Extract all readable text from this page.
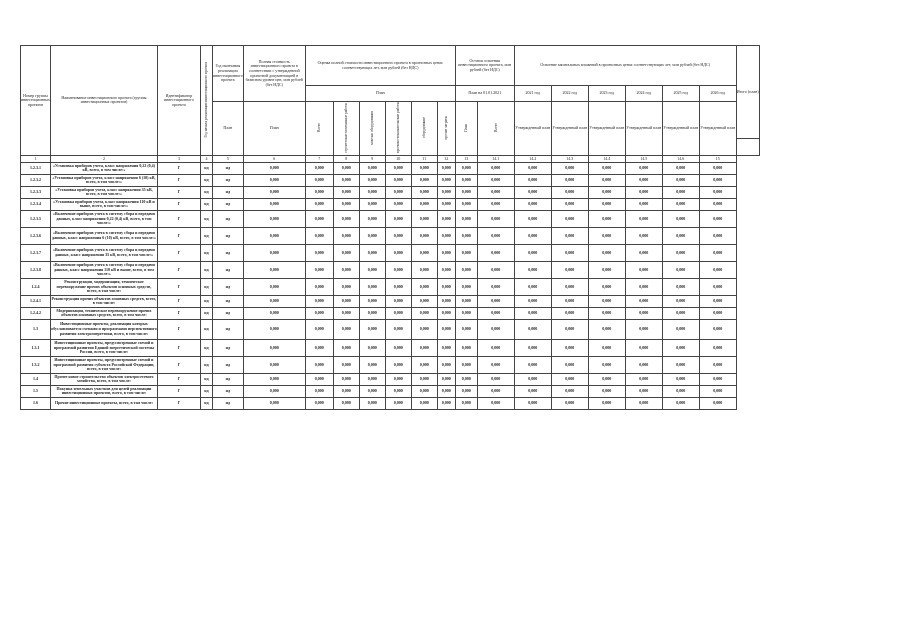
Номер группы инвестиционных проектов	Наименование инвестиционного проекта (группы инвестиционных проектов)	Идентификатор инвестиционного проекта	Год начала реализации инвестиционного проекта	Год окончания реализации инвестиционного проекта	Полная стоимость инвестиционного проекта в соответствии с утвержденной проектной документацией в базисном уровне цен, млн рублей (без НДС)	Оценка полной стоимости инвестиционного проекта в прогнозных ценах соответствующих лет, млн рублей (без НДС)						Остаток освоения инвестиционного проекта, млн рублей (без НДС)		Освоение капитальных вложений в прогнозных ценах соответствующих лет, млн рублей (без НДС)						Итого (план)
						План						План на 01.01.2021		2021 год	2022 год	2023 год	2024 год	2025 год	2026 год	
				План	План	Всего	строительно-монтажные работы	монтаж оборудования	проектно-изыскательские работы	оборудование	прочие затраты	План	Всего	Утвержденный план	Утвержденный план	Утвержденный план	Утвержденный план	Утвержденный план	Утвержденный план	

1	2	3	4	5	6	7	8	9	10	11	12	13	14.1	14.2	14.3	14.4	14.5	14.6	15	
1.2.3.1	«Установка приборов учета, класс напряжения 0,22 (0,4) кВ, всего, в том числе:»	Г	нд	нд	0,000	0,000	0,000	0,000	0,000	0,000	0,000	0,000	0,000	0,000	0,000	0,000	0,000	0,000	0,000	
1.2.3.2	«Установка приборов учета, класс напряжения 6 (10) кВ, всего, в том числе:»	Г	нд	нд	0,000	0,000	0,000	0,000	0,000	0,000	0,000	0,000	0,000	0,000	0,000	0,000	0,000	0,000	0,000	
1.2.3.3	«Установка приборов учета, класс напряжения 35 кВ, всего, в том числе:»	Г	нд	нд	0,000	0,000	0,000	0,000	0,000	0,000	0,000	0,000	0,000	0,000	0,000	0,000	0,000	0,000	0,000	
1.2.3.4	«Установка приборов учета, класс напряжения 110 кВ и выше, всего, в том числе:»	Г	нд	нд	0,000	0,000	0,000	0,000	0,000	0,000	0,000	0,000	0,000	0,000	0,000	0,000	0,000	0,000	0,000	
1.2.3.5	«Включение приборов учета в систему сбора и передачи данных, класс напряжения 0,22 (0,4) кВ, всего, в том числе:»	Г	нд	нд	0,000	0,000	0,000	0,000	0,000	0,000	0,000	0,000	0,000	0,000	0,000	0,000	0,000	0,000	0,000	
1.2.3.6	«Включение приборов учета в систему сбора и передачи данных, класс напряжения 6 (10) кВ, всего, в том числе:»	Г	нд	нд	0,000	0,000	0,000	0,000	0,000	0,000	0,000	0,000	0,000	0,000	0,000	0,000	0,000	0,000	0,000	
1.2.3.7	«Включение приборов учета в систему сбора и передачи данных, класс напряжения 35 кВ, всего, в том числе:»	Г	нд	нд	0,000	0,000	0,000	0,000	0,000	0,000	0,000	0,000	0,000	0,000	0,000	0,000	0,000	0,000	0,000	
1.2.3.8	«Включение приборов учета в систему сбора и передачи данных, класс напряжения 110 кВ и выше, всего, в том числе:»	Г	нд	нд	0,000	0,000	0,000	0,000	0,000	0,000	0,000	0,000	0,000	0,000	0,000	0,000	0,000	0,000	0,000	
1.2.4	Реконструкция, модернизация, техническое перевооружение прочих объектов основных средств, всего, в том числе:	Г	нд	нд	0,000	0,000	0,000	0,000	0,000	0,000	0,000	0,000	0,000	0,000	0,000	0,000	0,000	0,000	0,000	
1.2.4.1	Реконструкция прочих объектов основных средств, всего, в том числе:	Г	нд	нд	0,000	0,000	0,000	0,000	0,000	0,000	0,000	0,000	0,000	0,000	0,000	0,000	0,000	0,000	0,000	
1.2.4.2	Модернизация, техническое перевооружение прочих объектов основных средств, всего, в том числе:	Г	нд	нд	0,000	0,000	0,000	0,000	0,000	0,000	0,000	0,000	0,000	0,000	0,000	0,000	0,000	0,000	0,000	
1.3	Инвестиционные проекты, реализация которых обуславливается схемами и программами перспективного развития электроэнергетики, всего, в том числе:	Г	нд	нд	0,000	0,000	0,000	0,000	0,000	0,000	0,000	0,000	0,000	0,000	0,000	0,000	0,000	0,000	0,000	
1.3.1	Инвестиционные проекты, предусмотренные схемой и программой развития Единой энергетической системы России, всего, в том числе:	Г	нд	нд	0,000	0,000	0,000	0,000	0,000	0,000	0,000	0,000	0,000	0,000	0,000	0,000	0,000	0,000	0,000	
1.3.2	Инвестиционные проекты, предусмотренные схемой и программой развития субъекта Российской Федерации, всего, в том числе:	Г	нд	нд	0,000	0,000	0,000	0,000	0,000	0,000	0,000	0,000	0,000	0,000	0,000	0,000	0,000	0,000	0,000	
1.4	Прочее новое строительство объектов электросетевого хозяйства, всего, в том числе:	Г	нд	нд	0,000	0,000	0,000	0,000	0,000	0,000	0,000	0,000	0,000	0,000	0,000	0,000	0,000	0,000	0,000	
1.5	Покупка земельных участков для целей реализации инвестиционных проектов, всего, в том числе:	Г	нд	нд	0,000	0,000	0,000	0,000	0,000	0,000	0,000	0,000	0,000	0,000	0,000	0,000	0,000	0,000	0,000	
1.6	Прочие инвестиционные проекты, всего, в том числе:	Г	нд	нд	0,000	0,000	0,000	0,000	0,000	0,000	0,000	0,000	0,000	0,000	0,000	0,000	0,000	0,000	0,000	
